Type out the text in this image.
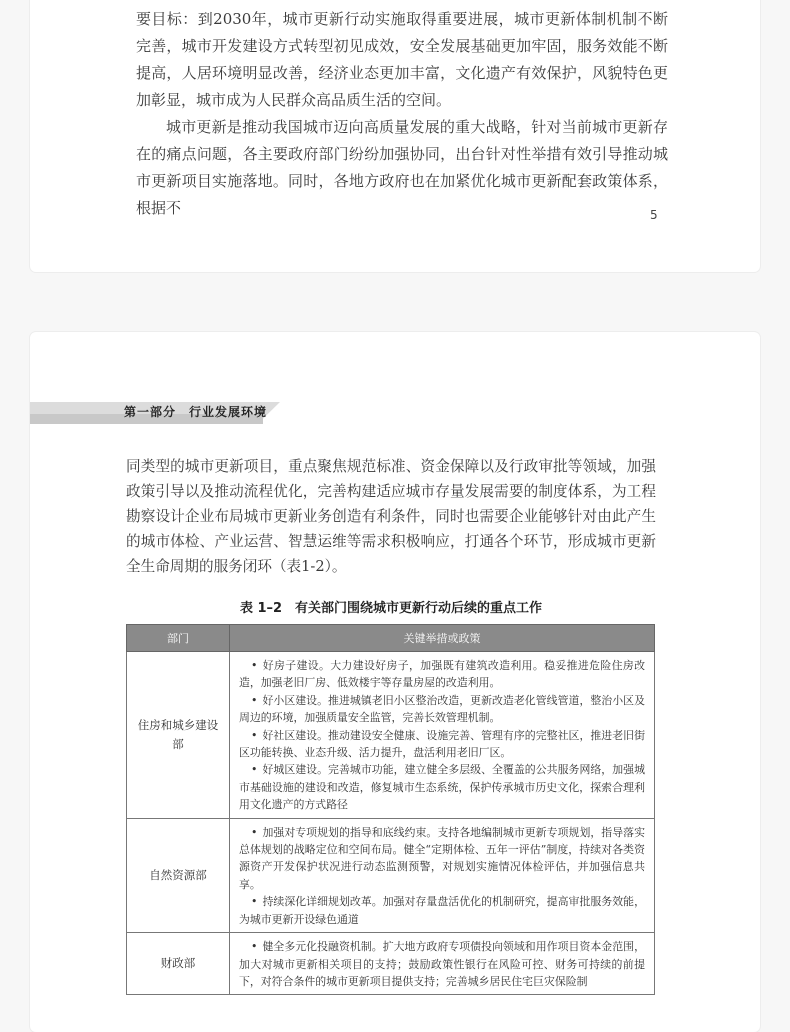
要目标：到2030年，城市更新行动实施取得重要进展，城市更新体制机制不断完善，城市开发建设方式转型初见成效，安全发展基础更加牢固，服务效能不断提高，人居环境明显改善，经济业态更加丰富，文化遗产有效保护，风貌特色更加彰显，城市成为人民群众高品质生活的空间。

城市更新是推动我国城市迈向高质量发展的重大战略，针对当前城市更新存在的痛点问题，各主要政府部门纷纷加强协同，出台针对性举措有效引导推动城市更新项目实施落地。同时，各地方政府也在加紧优化城市更新配套政策体系，根据不	5
第一部分　行业发展环境

同类型的城市更新项目，重点聚焦规范标准、资金保障以及行政审批等领域，加强政策引导以及推动流程优化，完善构建适应城市存量发展需要的制度体系，为工程勘察设计企业布局城市更新业务创造有利条件，同时也需要企业能够针对由此产生的城市体检、产业运营、智慧运维等需求积极响应，打通各个环节，形成城市更新全生命周期的服务闭环（表1-2）。

表 1–2　有关部门围绕城市更新行动后续的重点工作
部门	关键举措或政策
住房和城乡建设部	• 好房子建设。大力建设好房子，加强既有建筑改造利用。稳妥推进危险住房改造，加强老旧厂房、低效楼宇等存量房屋的改造利用。

• 好小区建设。推进城镇老旧小区整治改造，更新改造老化管线管道，整治小区及周边的环境，加强质量安全监管，完善长效管理机制。

• 好社区建设。推动建设安全健康、设施完善、管理有序的完整社区，推进老旧街区功能转换、业态升级、活力提升，盘活利用老旧厂区。

• 好城区建设。完善城市功能，建立健全多层级、全覆盖的公共服务网络，加强城市基础设施的建设和改造，修复城市生态系统，保护传承城市历史文化，探索合理利用文化遗产的方式路径

自然资源部	• 加强对专项规划的指导和底线约束。支持各地编制城市更新专项规划，指导落实总体规划的战略定位和空间布局。健全“定期体检、五年一评估”制度，持续对各类资源资产开发保护状况进行动态监测预警，对规划实施情况体检评估，并加强信息共享。

• 持续深化详细规划改革。加强对存量盘活优化的机制研究，提高审批服务效能，为城市更新开设绿色通道

财政部	• 健全多元化投融资机制。扩大地方政府专项债投向领域和用作项目资本金范围，加大对城市更新相关项目的支持；鼓励政策性银行在风险可控、财务可持续的前提下，对符合条件的城市更新项目提供支持；完善城乡居民住宅巨灾保险制
